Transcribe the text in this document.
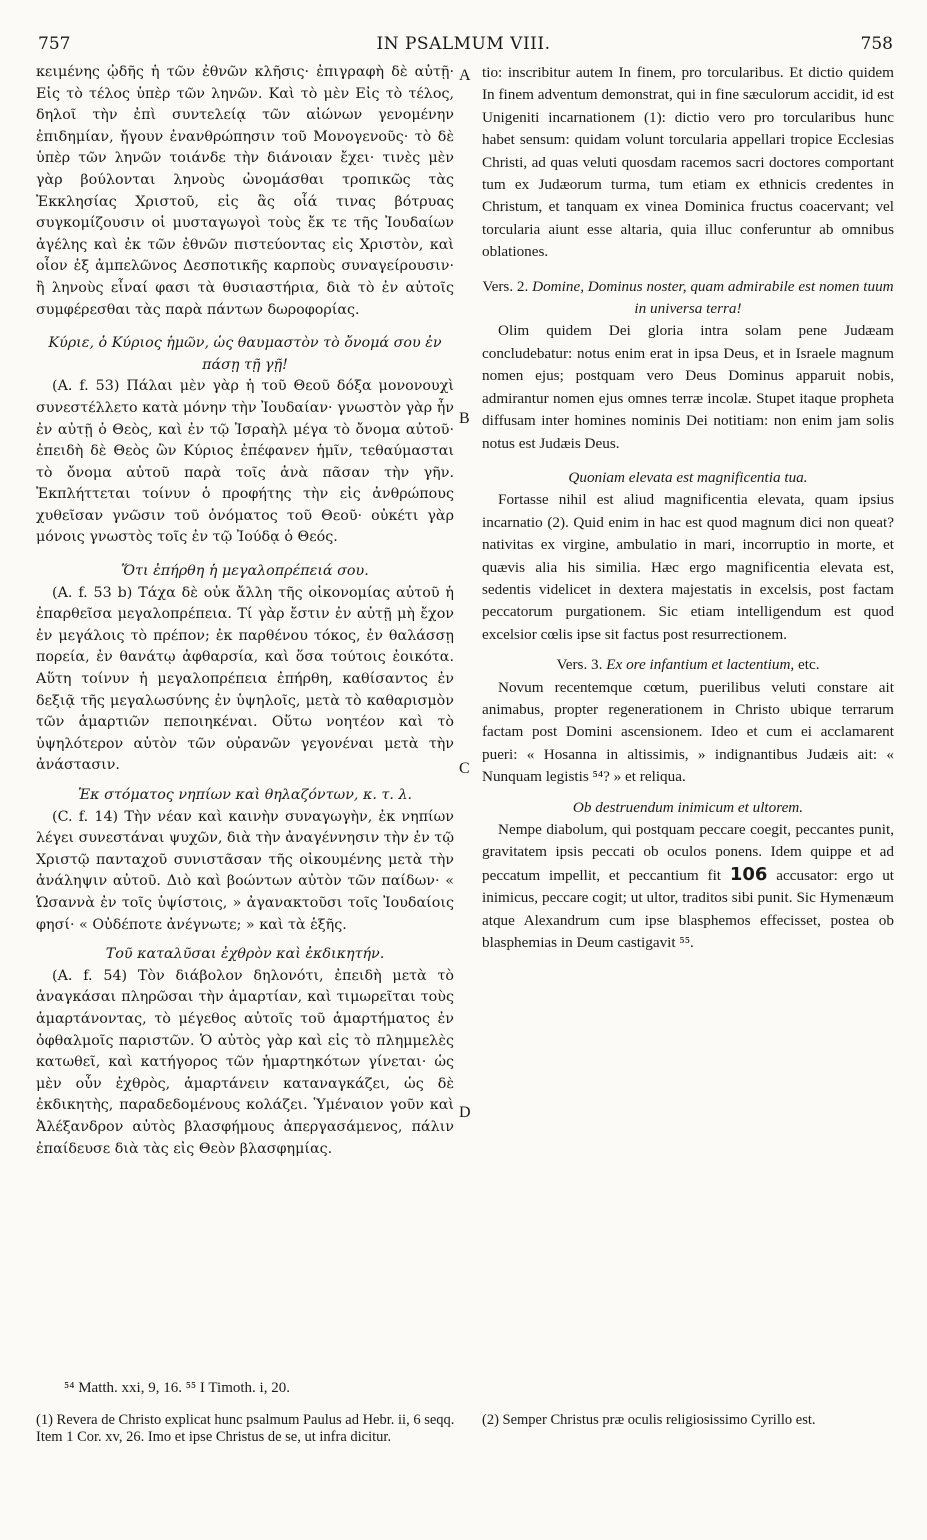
757	IN PSALMUM VIII.	758
A
B
C
D

κειμένης ᾠδῆς ἡ τῶν ἐθνῶν κλῆσις· ἐπιγραφὴ δὲ αὐτῇ· Εἰς τὸ τέλος ὑπὲρ τῶν ληνῶν. Καὶ τὸ μὲν Εἰς τὸ τέλος, δηλοῖ τὴν ἐπὶ συντελείᾳ τῶν αἰώνων γενομένην ἐπιδημίαν, ἤγουν ἐνανθρώπησιν τοῦ Μονογενοῦς· τὸ δὲ ὑπὲρ τῶν ληνῶν τοιάνδε τὴν διάνοιαν ἔχει· τινὲς μὲν γὰρ βούλονται ληνοὺς ὠνομάσθαι τροπικῶς τὰς Ἐκκλησίας Χριστοῦ, εἰς ἃς οἷά τινας βότρυας συγκομίζουσιν οἱ μυσταγωγοὶ τοὺς ἔκ τε τῆς Ἰουδαίων ἀγέλης καὶ ἐκ τῶν ἐθνῶν πιστεύοντας εἰς Χριστὸν, καὶ οἷον ἐξ ἀμπελῶνος Δεσποτικῆς καρποὺς συναγείρουσιν· ἢ ληνοὺς εἶναί φασι τὰ θυσιαστήρια, διὰ τὸ ἐν αὐτοῖς συμφέρεσθαι τὰς παρὰ πάντων δωροφορίας.

Κύριε, ὁ Κύριος ἡμῶν, ὡς θαυμαστὸν τὸ ὄνομά σου ἐν πάσῃ τῇ γῇ!

(A. f. 53) Πάλαι μὲν γὰρ ἡ τοῦ Θεοῦ δόξα μονονουχὶ συνεστέλλετο κατὰ μόνην τὴν Ἰουδαίαν· γνωστὸν γὰρ ἦν ἐν αὐτῇ ὁ Θεὸς, καὶ ἐν τῷ Ἰσραὴλ μέγα τὸ ὄνομα αὐτοῦ· ἐπειδὴ δὲ Θεὸς ὢν Κύριος ἐπέφανεν ἡμῖν, τεθαύμασται τὸ ὄνομα αὐτοῦ παρὰ τοῖς ἀνὰ πᾶσαν τὴν γῆν. Ἐκπλήττεται τοίνυν ὁ προφήτης τὴν εἰς ἀνθρώπους χυθεῖσαν γνῶσιν τοῦ ὀνόματος τοῦ Θεοῦ· οὐκέτι γὰρ μόνοις γνωστὸς τοῖς ἐν τῷ Ἰούδᾳ ὁ Θεός.

Ὅτι ἐπήρθη ἡ μεγαλοπρέπειά σου.

(A. f. 53 b) Τάχα δὲ οὐκ ἄλλη τῆς οἰκονομίας αὐτοῦ ἡ ἐπαρθεῖσα μεγαλοπρέπεια. Τί γὰρ ἔστιν ἐν αὐτῇ μὴ ἔχον ἐν μεγάλοις τὸ πρέπον; ἐκ παρθένου τόκος, ἐν θαλάσσῃ πορεία, ἐν θανάτῳ ἀφθαρσία, καὶ ὅσα τούτοις ἐοικότα. Αὕτη τοίνυν ἡ μεγαλοπρέπεια ἐπήρθη, καθίσαντος ἐν δεξιᾷ τῆς μεγαλωσύνης ἐν ὑψηλοῖς, μετὰ τὸ καθαρισμὸν τῶν ἁμαρτιῶν πεποιηκέναι. Οὕτω νοητέον καὶ τὸ ὑψηλότερον αὐτὸν τῶν οὐρανῶν γεγονέναι μετὰ τὴν ἀνάστασιν.

Ἐκ στόματος νηπίων καὶ θηλαζόντων, κ. τ. λ.

(C. f. 14) Τὴν νέαν καὶ καινὴν συναγωγὴν, ἐκ νηπίων λέγει συνεστάναι ψυχῶν, διὰ τὴν ἀναγέννησιν τὴν ἐν τῷ Χριστῷ πανταχοῦ συνιστᾶσαν τῆς οἰκουμένης μετὰ τὴν ἀνάληψιν αὐτοῦ. Διὸ καὶ βοώντων αὐτὸν τῶν παίδων· « Ὡσαννὰ ἐν τοῖς ὑψίστοις, » ἀγανακτοῦσι τοῖς Ἰουδαίοις φησί· « Οὐδέποτε ἀνέγνωτε; » καὶ τὰ ἑξῆς.

Τοῦ καταλῦσαι ἐχθρὸν καὶ ἐκδικητήν.

(A. f. 54) Τὸν διάβολον δηλονότι, ἐπειδὴ μετὰ τὸ ἀναγκάσαι πληρῶσαι τὴν ἁμαρτίαν, καὶ τιμωρεῖται τοὺς ἁμαρτάνοντας, τὸ μέγεθος αὐτοῖς τοῦ ἁμαρτήματος ἐν ὀφθαλμοῖς παριστῶν. Ὁ αὐτὸς γὰρ καὶ εἰς τὸ πλημμελὲς κατωθεῖ, καὶ κατήγορος τῶν ἡμαρτηκότων γίνεται· ὡς μὲν οὖν ἐχθρὸς, ἁμαρτάνειν καταναγκάζει, ὡς δὲ ἐκδικητὴς, παραδεδομένους κολάζει. Ὑμέναιον γοῦν καὶ Ἀλέξανδρον αὐτὸς βλασφήμους ἀπεργασάμενος, πάλιν ἐπαίδευσε διὰ τὰς εἰς Θεὸν βλασφημίας.

tio: inscribitur autem In finem, pro torcularibus. Et dictio quidem In finem adventum demonstrat, qui in fine sæculorum accidit, id est Unigeniti incarnationem (1): dictio vero pro torcularibus hunc habet sensum: quidam volunt torcularia appellari tropice Ecclesias Christi, ad quas veluti quosdam racemos sacri doctores comportant tum ex Judæorum turma, tum etiam ex ethnicis credentes in Christum, et tanquam ex vinea Dominica fructus coacervant; vel torcularia aiunt esse altaria, quia illuc conferuntur ab omnibus oblationes.

Vers. 2. Domine, Dominus noster, quam admirabile est nomen tuum in universa terra!

Olim quidem Dei gloria intra solam pene Judæam concludebatur: notus enim erat in ipsa Deus, et in Israele magnum nomen ejus; postquam vero Deus Dominus apparuit nobis, admirantur nomen ejus omnes terræ incolæ. Stupet itaque propheta diffusam inter homines nominis Dei notitiam: non enim jam solis notus est Judæis Deus.

Quoniam elevata est magnificentia tua.

Fortasse nihil est aliud magnificentia elevata, quam ipsius incarnatio (2). Quid enim in hac est quod magnum dici non queat? nativitas ex virgine, ambulatio in mari, incorruptio in morte, et quævis alia his similia. Hæc ergo magnificentia elevata est, sedentis videlicet in dextera majestatis in excelsis, post factam peccatorum purgationem. Sic etiam intelligendum est quod excelsior cœlis ipse sit factus post resurrectionem.

Vers. 3. Ex ore infantium et lactentium, etc.

Novum recentemque cœtum, puerilibus veluti constare ait animabus, propter regenerationem in Christo ubique terrarum factam post Domini ascensionem. Ideo et cum ei acclamarent pueri: « Hosanna in altissimis, » indignantibus Judæis ait: « Nunquam legistis ⁵⁴? » et reliqua.

Ob destruendum inimicum et ultorem.

Nempe diabolum, qui postquam peccare coegit, peccantes punit, gravitatem ipsis peccati ob oculos ponens. Idem quippe et ad peccatum impellit, et peccantium fit 106 accusator: ergo ut inimicus, peccare cogit; ut ultor, traditos sibi punit. Sic Hymenæum atque Alexandrum cum ipse blasphemos effecisset, postea ob blasphemias in Deum castigavit ⁵⁵.

⁵⁴ Matth. xxi, 9, 16. ⁵⁵ I Timoth. i, 20.

(1) Revera de Christo explicat hunc psalmum Paulus ad Hebr. ii, 6 seqq. Item 1 Cor. xv, 26. Imo et ipse Christus de se, ut infra dicitur.

(2) Semper Christus præ oculis religiosissimo Cyrillo est.
